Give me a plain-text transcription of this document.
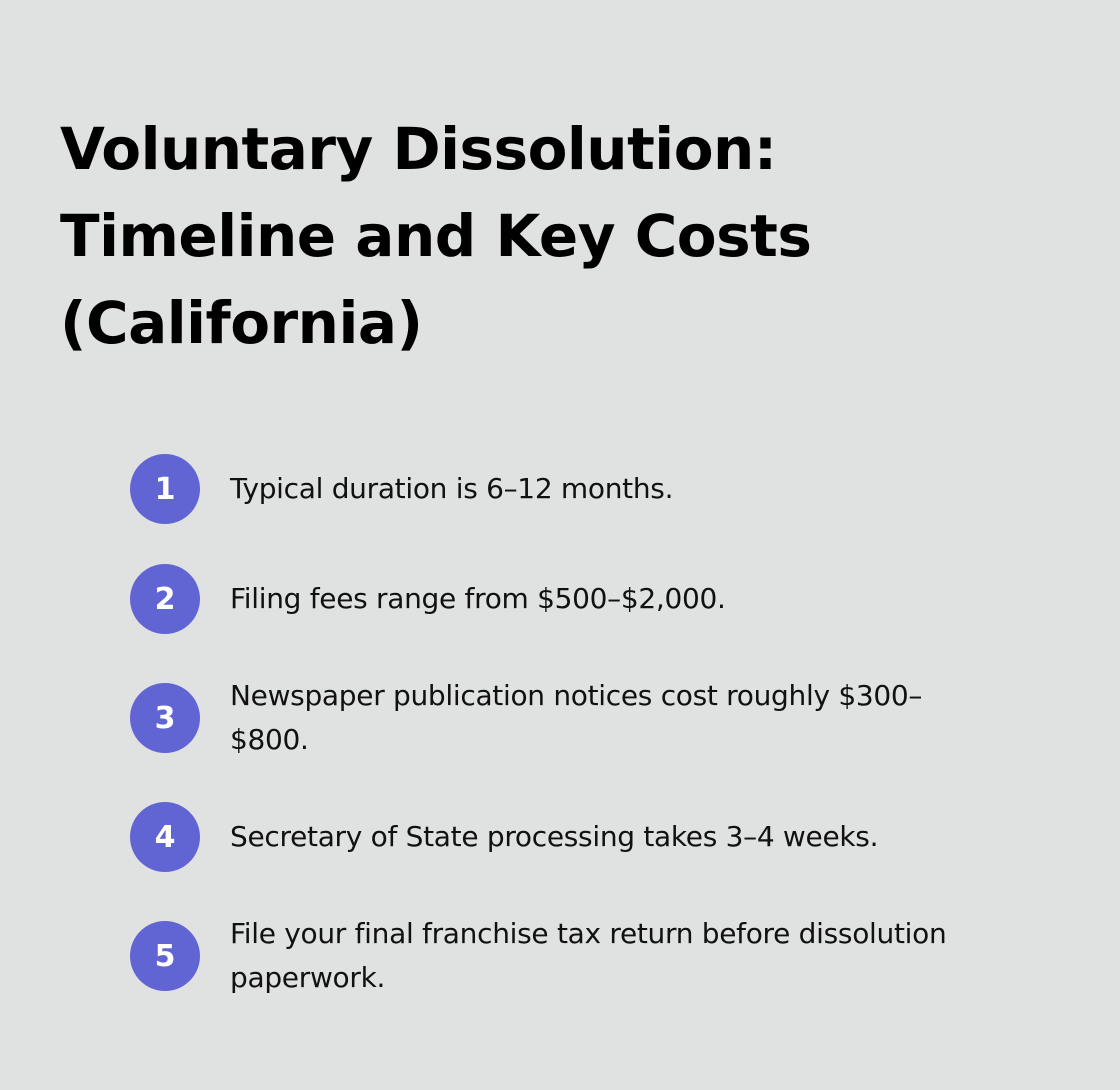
Voluntary Dissolution:
Timeline and Key Costs
(California)
1	Typical duration is 6–12 months.
2	Filing fees range from $500–$2,000.
3
Newspaper publication notices cost roughly $300–
$800.
4	Secretary of State processing takes 3–4 weeks.
5
File your final franchise tax return before dissolution
paperwork.
